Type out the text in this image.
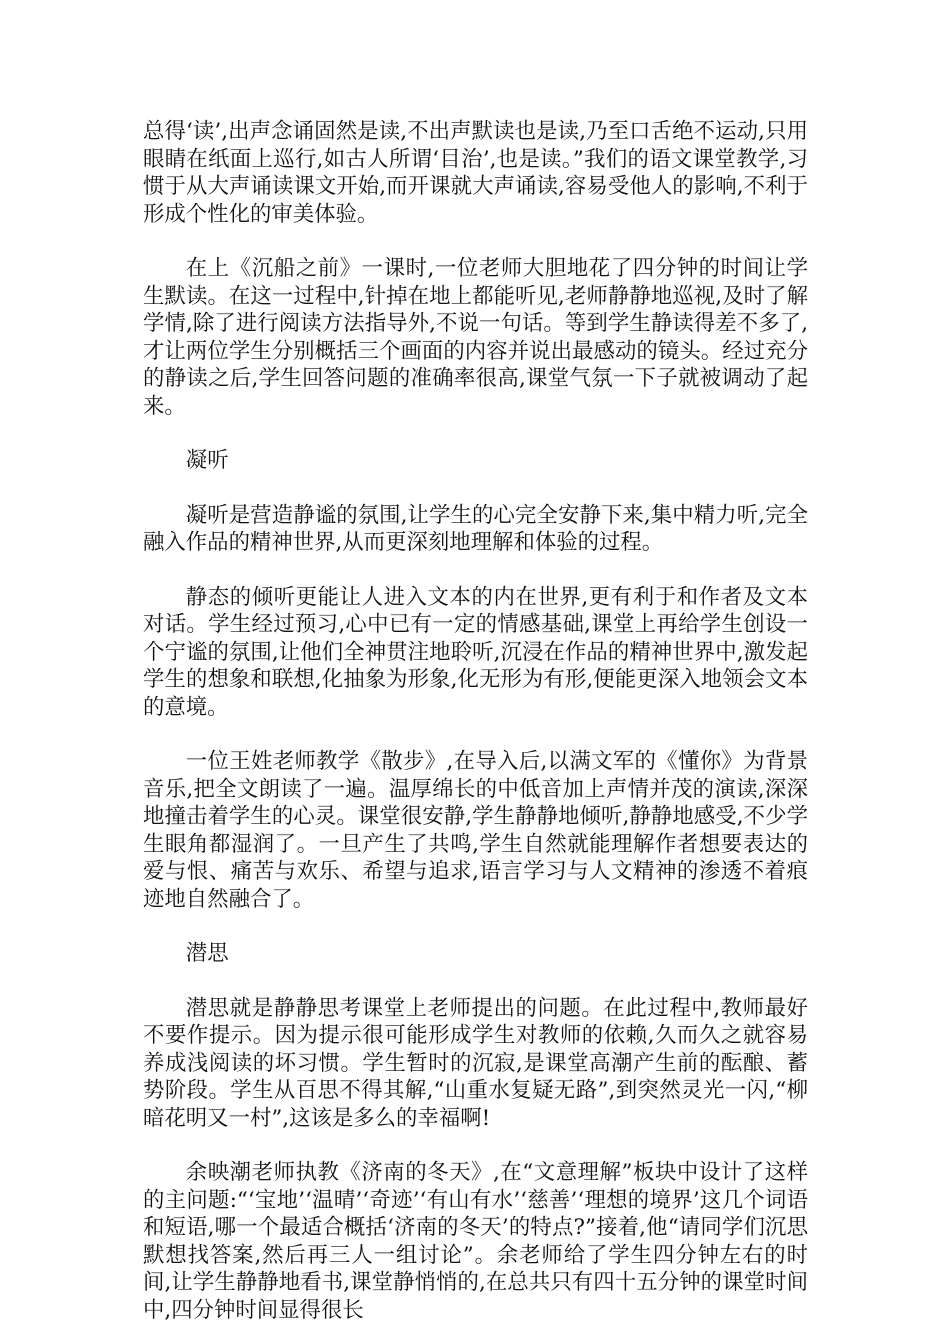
总得‘读’,出声念诵固然是读,不出声默读也是读,乃至口舌绝不运动,只用眼睛在纸面上巡行,如古人所谓‘目治’,也是读。”我们的语文课堂教学,习惯于从大声诵读课文开始,而开课就大声诵读,容易受他人的影响,不利于形成个性化的审美体验。

在上《沉船之前》一课时,一位老师大胆地花了四分钟的时间让学生默读。在这一过程中,针掉在地上都能听见,老师静静地巡视,及时了解学情,除了进行阅读方法指导外,不说一句话。等到学生静读得差不多了,才让两位学生分别概括三个画面的内容并说出最感动的镜头。经过充分的静读之后,学生回答问题的准确率很高,课堂气氛一下子就被调动了起来。

凝听

凝听是营造静谧的氛围,让学生的心完全安静下来,集中精力听,完全融入作品的精神世界,从而更深刻地理解和体验的过程。

静态的倾听更能让人进入文本的内在世界,更有利于和作者及文本对话。学生经过预习,心中已有一定的情感基础,课堂上再给学生创设一个宁谧的氛围,让他们全神贯注地聆听,沉浸在作品的精神世界中,激发起学生的想象和联想,化抽象为形象,化无形为有形,便能更深入地领会文本的意境。

一位王姓老师教学《散步》,在导入后,以满文军的《懂你》为背景音乐,把全文朗读了一遍。温厚绵长的中低音加上声情并茂的演读,深深地撞击着学生的心灵。课堂很安静,学生静静地倾听,静静地感受,不少学生眼角都湿润了。一旦产生了共鸣,学生自然就能理解作者想要表达的爱与恨、痛苦与欢乐、希望与追求,语言学习与人文精神的渗透不着痕迹地自然融合了。

潜思

潜思就是静静思考课堂上老师提出的问题。在此过程中,教师最好不要作提示。因为提示很可能形成学生对教师的依赖,久而久之就容易养成浅阅读的坏习惯。学生暂时的沉寂,是课堂高潮产生前的酝酿、蓄势阶段。学生从百思不得其解,“山重水复疑无路”,到突然灵光一闪,“柳暗花明又一村”,这该是多么的幸福啊!

余映潮老师执教《济南的冬天》,在“文意理解”板块中设计了这样的主问题:“‘宝地’‘温晴’‘奇迹’‘有山有水’‘慈善’‘理想的境界’这几个词语和短语,哪一个最适合概括‘济南的冬天’的特点?”接着,他“请同学们沉思默想找答案,然后再三人一组讨论”。余老师给了学生四分钟左右的时间,让学生静静地看书,课堂静悄悄的,在总共只有四十五分钟的课堂时间中,四分钟时间显得很长
